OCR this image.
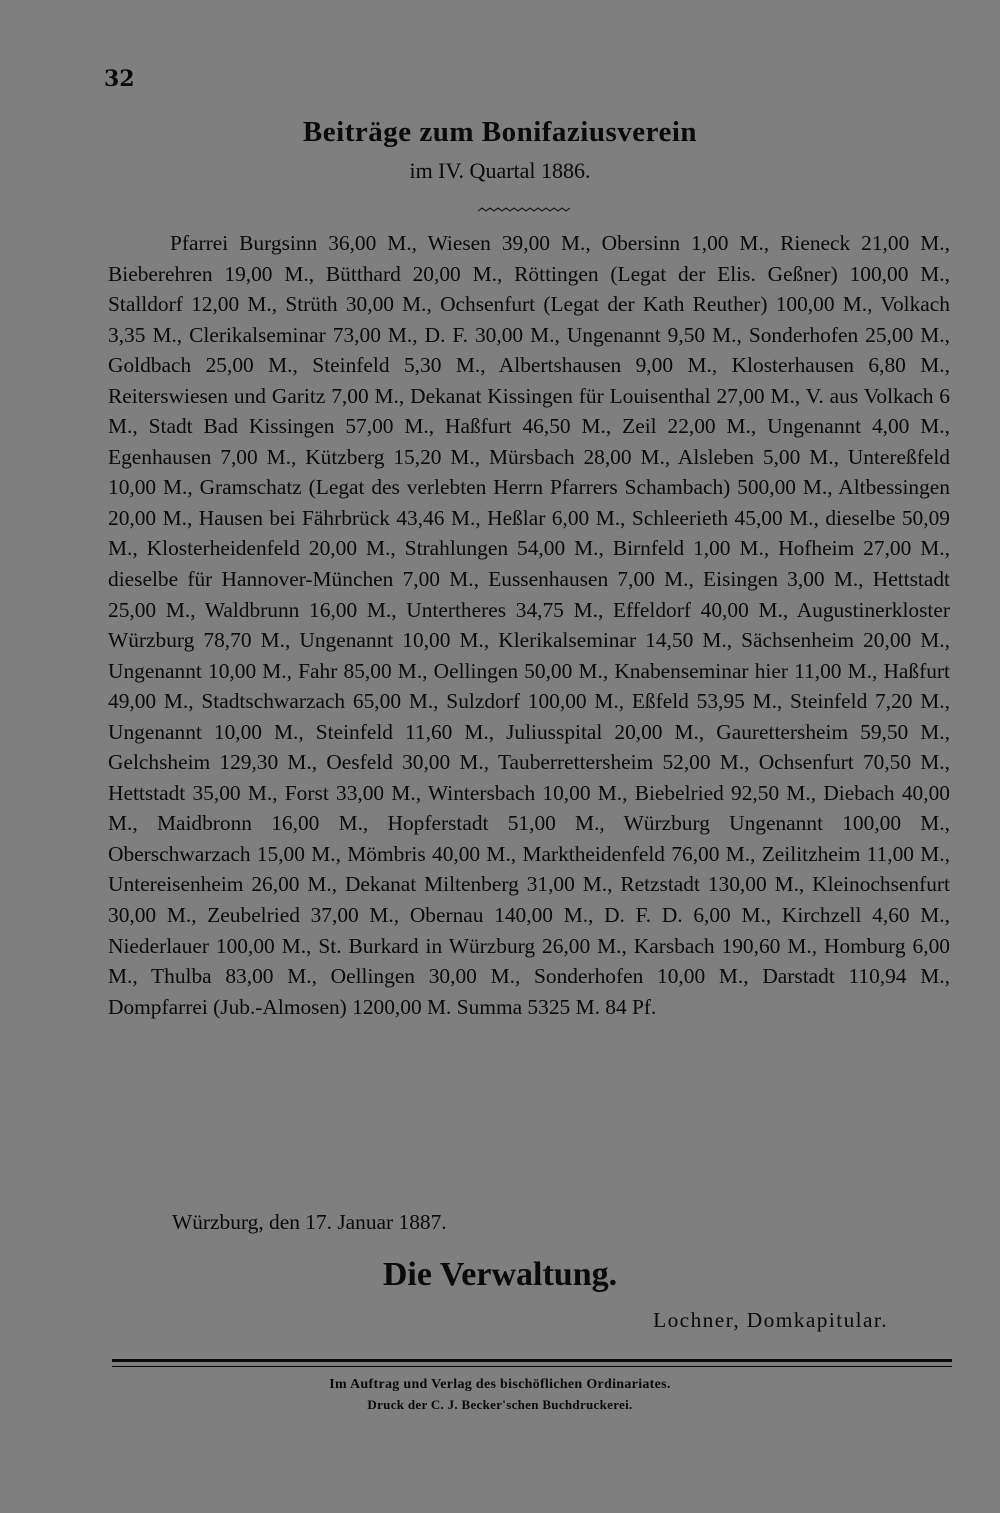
32
Beiträge zum Bonifaziusverein
im IV. Quartal 1886.

Pfarrei Burgsinn 36,00 M., Wiesen 39,00 M., Obersinn 1,00 M., Rieneck 21,00 M., Bieberehren 19,00 M., Bütthard 20,00 M., Röttingen (Legat der Elis. Geßner) 100,00 M., Stalldorf 12,00 M., Strüth 30,00 M., Ochsenfurt (Legat der Kath Reuther) 100,00 M., Volkach 3,35 M., Clerikalseminar 73,00 M., D. F. 30,00 M., Ungenannt 9,50 M., Sonderhofen 25,00 M., Goldbach 25,00 M., Steinfeld 5,30 M., Albertshausen 9,00 M., Klosterhausen 6,80 M., Reiterswiesen und Garitz 7,00 M., Dekanat Kissingen für Louisenthal 27,00 M., V. aus Volkach 6 M., Stadt Bad Kissingen 57,00 M., Haßfurt 46,50 M., Zeil 22,00 M., Ungenannt 4,00 M., Egenhausen 7,00 M., Kützberg 15,20 M., Mürsbach 28,00 M., Alsleben 5,00 M., Untereßfeld 10,00 M., Gramschatz (Legat des verlebten Herrn Pfarrers Schambach) 500,00 M., Altbessingen 20,00 M., Hausen bei Fährbrück 43,46 M., Heßlar 6,00 M., Schleerieth 45,00 M., dieselbe 50,09 M., Klosterheidenfeld 20,00 M., Strahlungen 54,00 M., Birnfeld 1,00 M., Hofheim 27,00 M., dieselbe für Hannover-München 7,00 M., Eussenhausen 7,00 M., Eisingen 3,00 M., Hettstadt 25,00 M., Waldbrunn 16,00 M., Untertheres 34,75 M., Effeldorf 40,00 M., Augustinerkloster Würzburg 78,70 M., Ungenannt 10,00 M., Klerikalseminar 14,50 M., Sächsenheim 20,00 M., Ungenannt 10,00 M., Fahr 85,00 M., Oellingen 50,00 M., Knabenseminar hier 11,00 M., Haßfurt 49,00 M., Stadtschwarzach 65,00 M., Sulzdorf 100,00 M., Eßfeld 53,95 M., Steinfeld 7,20 M., Ungenannt 10,00 M., Steinfeld 11,60 M., Juliusspital 20,00 M., Gaurettersheim 59,50 M., Gelchsheim 129,30 M., Oesfeld 30,00 M., Tauberrettersheim 52,00 M., Ochsenfurt 70,50 M., Hettstadt 35,00 M., Forst 33,00 M., Wintersbach 10,00 M., Biebelried 92,50 M., Diebach 40,00 M., Maidbronn 16,00 M., Hopferstadt 51,00 M., Würzburg Ungenannt 100,00 M., Oberschwarzach 15,00 M., Mömbris 40,00 M., Marktheidenfeld 76,00 M., Zeilitzheim 11,00 M., Untereisenheim 26,00 M., Dekanat Miltenberg 31,00 M., Retzstadt 130,00 M., Kleinochsenfurt 30,00 M., Zeubelried 37,00 M., Obernau 140,00 M., D. F. D. 6,00 M., Kirchzell 4,60 M., Niederlauer 100,00 M., St. Burkard in Würzburg 26,00 M., Karsbach 190,60 M., Homburg 6,00 M., Thulba 83,00 M., Oellingen 30,00 M., Sonderhofen 10,00 M., Darstadt 110,94 M., Dompfarrei (Jub.-Almosen) 1200,00 M. Summa 5325 M. 84 Pf.

Würzburg, den 17. Januar 1887.
Die Verwaltung.
Lochner, Domkapitular.
Im Auftrag und Verlag des bischöflichen Ordinariates.
Druck der C. J. Becker'schen Buchdruckerei.
